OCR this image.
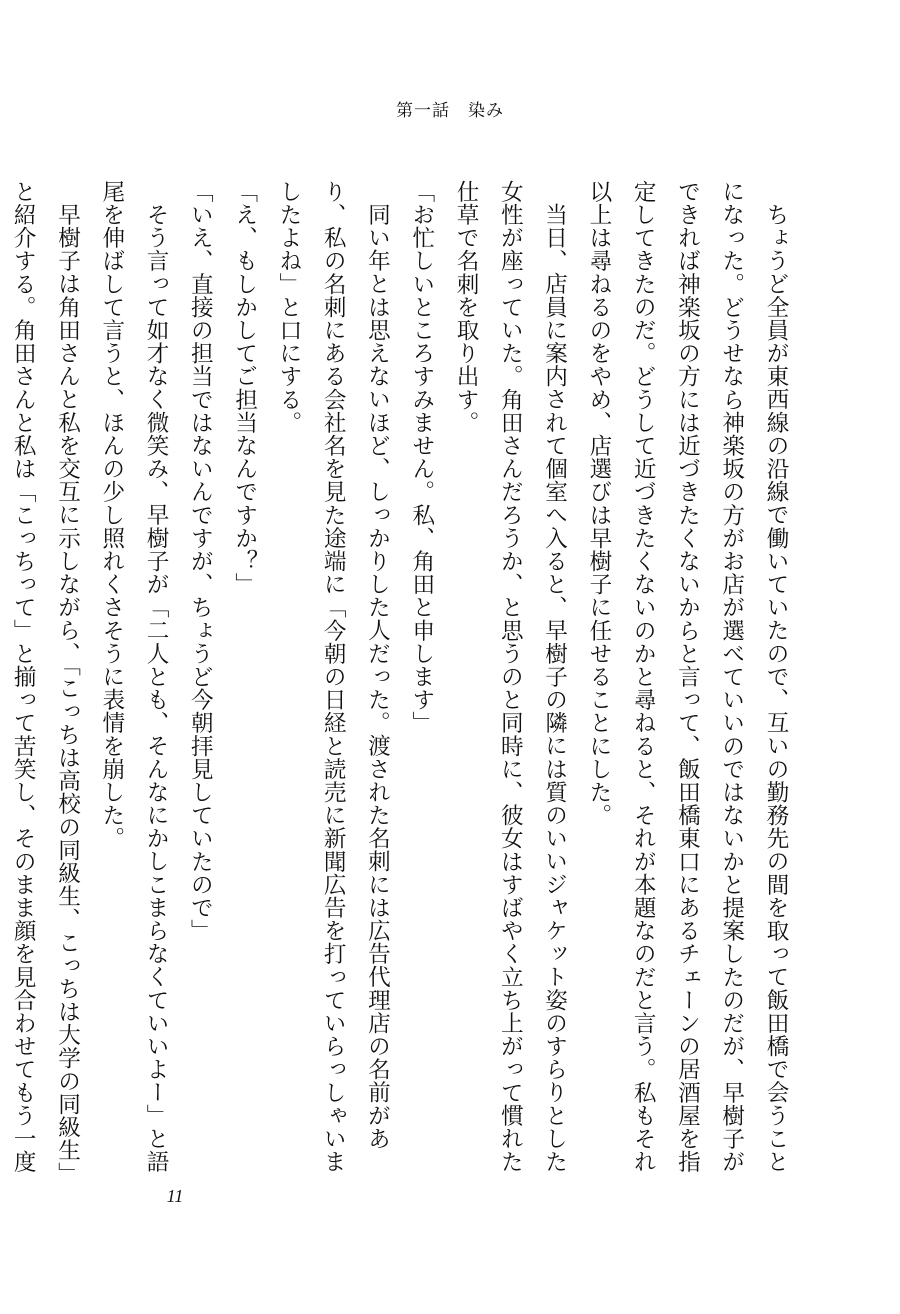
第一話　染み

ちょうど全員が東西線の沿線で働いていたので、互いの勤務先の間を取って飯田橋で会うことになった。どうせなら神楽坂の方がお店が選べていいのではないかと提案したのだが、早樹子ができれば神楽坂の方には近づきたくないからと言って、飯田橋東口にあるチェーンの居酒屋を指定してきたのだ。どうして近づきたくないのかと尋ねると、それが本題なのだと言う。私もそれ以上は尋ねるのをやめ、店選びは早樹子に任せることにした。

当日、店員に案内されて個室へ入ると、早樹子の隣には質のいいジャケット姿のすらりとした女性が座っていた。角田さんだろうか、と思うのと同時に、彼女はすばやく立ち上がって慣れた仕草で名刺を取り出す。

「お忙しいところすみません。私、角田と申します」

同い年とは思えないほど、しっかりした人だった。渡された名刺には広告代理店の名前があり、私の名刺にある会社名を見た途端に「今朝の日経と読売に新聞広告を打っていらっしゃいましたよね」と口にする。

「え、もしかしてご担当なんですか？」

「いえ、直接の担当ではないんですが、ちょうど今朝拝見していたので」

そう言って如才なく微笑み、早樹子が「二人とも、そんなにかしこまらなくていいよー」と語尾を伸ばして言うと、ほんの少し照れくさそうに表情を崩した。

早樹子は角田さんと私を交互に示しながら、「こっちは高校の同級生、こっちは大学の同級生」と紹介する。角田さんと私は「こっちって」と揃って苦笑し、そのまま顔を見合わせてもう一度

11
